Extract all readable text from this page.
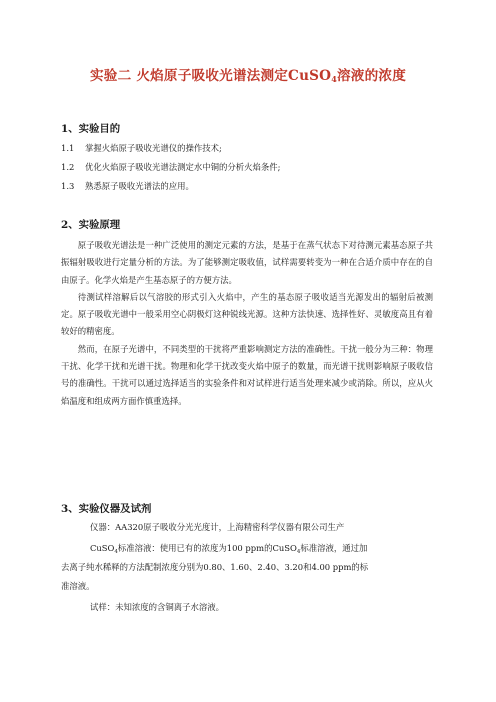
实验二 火焰原子吸收光谱法测定CuSO$_4$溶液的浓度
1、实验目的
1.1 掌握火焰原子吸收光谱仪的操作技术;
1.2 优化火焰原子吸收光谱法测定水中铜的分析火焰条件;
1.3 熟悉原子吸收光谱法的应用。
2、实验原理

原子吸收光谱法是一种广泛使用的测定元素的方法，是基于在蒸气状态下对待测元素基态原子共振辐射吸收进行定量分析的方法。为了能够测定吸收值，试样需要转变为一种在合适介质中存在的自由原子。化学火焰是产生基态原子的方便方法。

待测试样溶解后以气溶胶的形式引入火焰中，产生的基态原子吸收适当光源发出的辐射后被测定。原子吸收光谱中一般采用空心阴极灯这种锐线光源。这种方法快速、选择性好、灵敏度高且有着较好的精密度。

然而，在原子光谱中，不同类型的干扰将严重影响测定方法的准确性。干扰一般分为三种：物理干扰、化学干扰和光谱干扰。物理和化学干扰改变火焰中原子的数量，而光谱干扰则影响原子吸收信号的准确性。干扰可以通过选择适当的实验条件和对试样进行适当处理来减少或消除。所以，应从火焰温度和组成两方面作慎重选择。

3、实验仪器及试剂
仪器：AA320原子吸收分光光度计，上海精密科学仪器有限公司生产
CuSO$_4$标准溶液：使用已有的浓度为100 ppm的CuSO$_4$标准溶液，通过加
去离子纯水稀释的方法配制浓度分别为0.80、1.60、2.40、3.20和4.00 ppm的标
准溶液。
试样：未知浓度的含铜离子水溶液。
